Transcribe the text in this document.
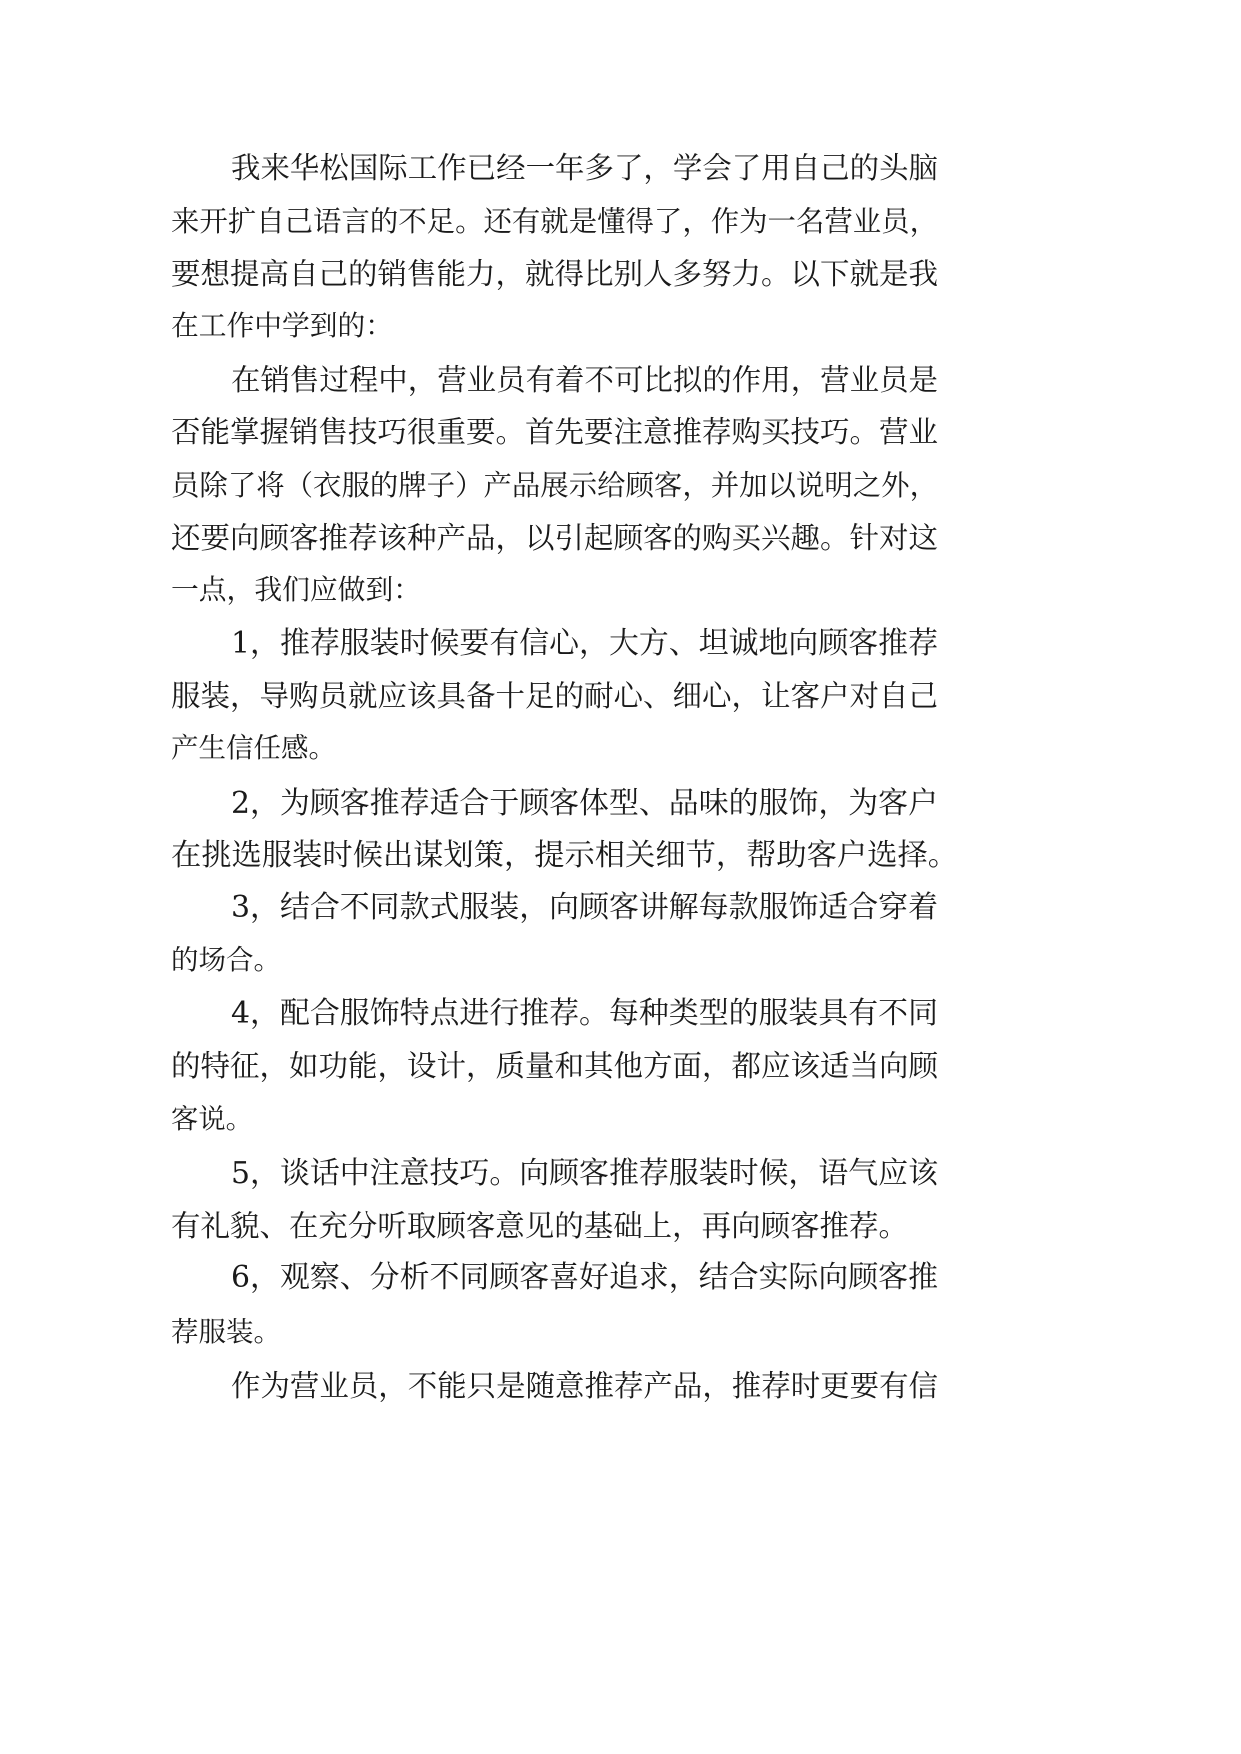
我来华松国际工作已经一年多了，学会了用自己的头脑
来开扩自己语言的不足。还有就是懂得了，作为一名营业员，
要想提高自己的销售能力，就得比别人多努力。以下就是我
在工作中学到的：
在销售过程中，营业员有着不可比拟的作用，营业员是
否能掌握销售技巧很重要。首先要注意推荐购买技巧。营业
员除了将（衣服的牌子）产品展示给顾客，并加以说明之外，
还要向顾客推荐该种产品，以引起顾客的购买兴趣。针对这
一点，我们应做到：
1，推荐服装时候要有信心，大方、坦诚地向顾客推荐
服装，导购员就应该具备十足的耐心、细心，让客户对自己
产生信任感。
2，为顾客推荐适合于顾客体型、品味的服饰，为客户
在挑选服装时候出谋划策，提示相关细节，帮助客户选择。
3，结合不同款式服装，向顾客讲解每款服饰适合穿着
的场合。
4，配合服饰特点进行推荐。每种类型的服装具有不同
的特征，如功能，设计，质量和其他方面，都应该适当向顾
客说。
5，谈话中注意技巧。向顾客推荐服装时候，语气应该
有礼貌、在充分听取顾客意见的基础上，再向顾客推荐。
6，观察、分析不同顾客喜好追求，结合实际向顾客推
荐服装。
作为营业员，不能只是随意推荐产品，推荐时更要有信
